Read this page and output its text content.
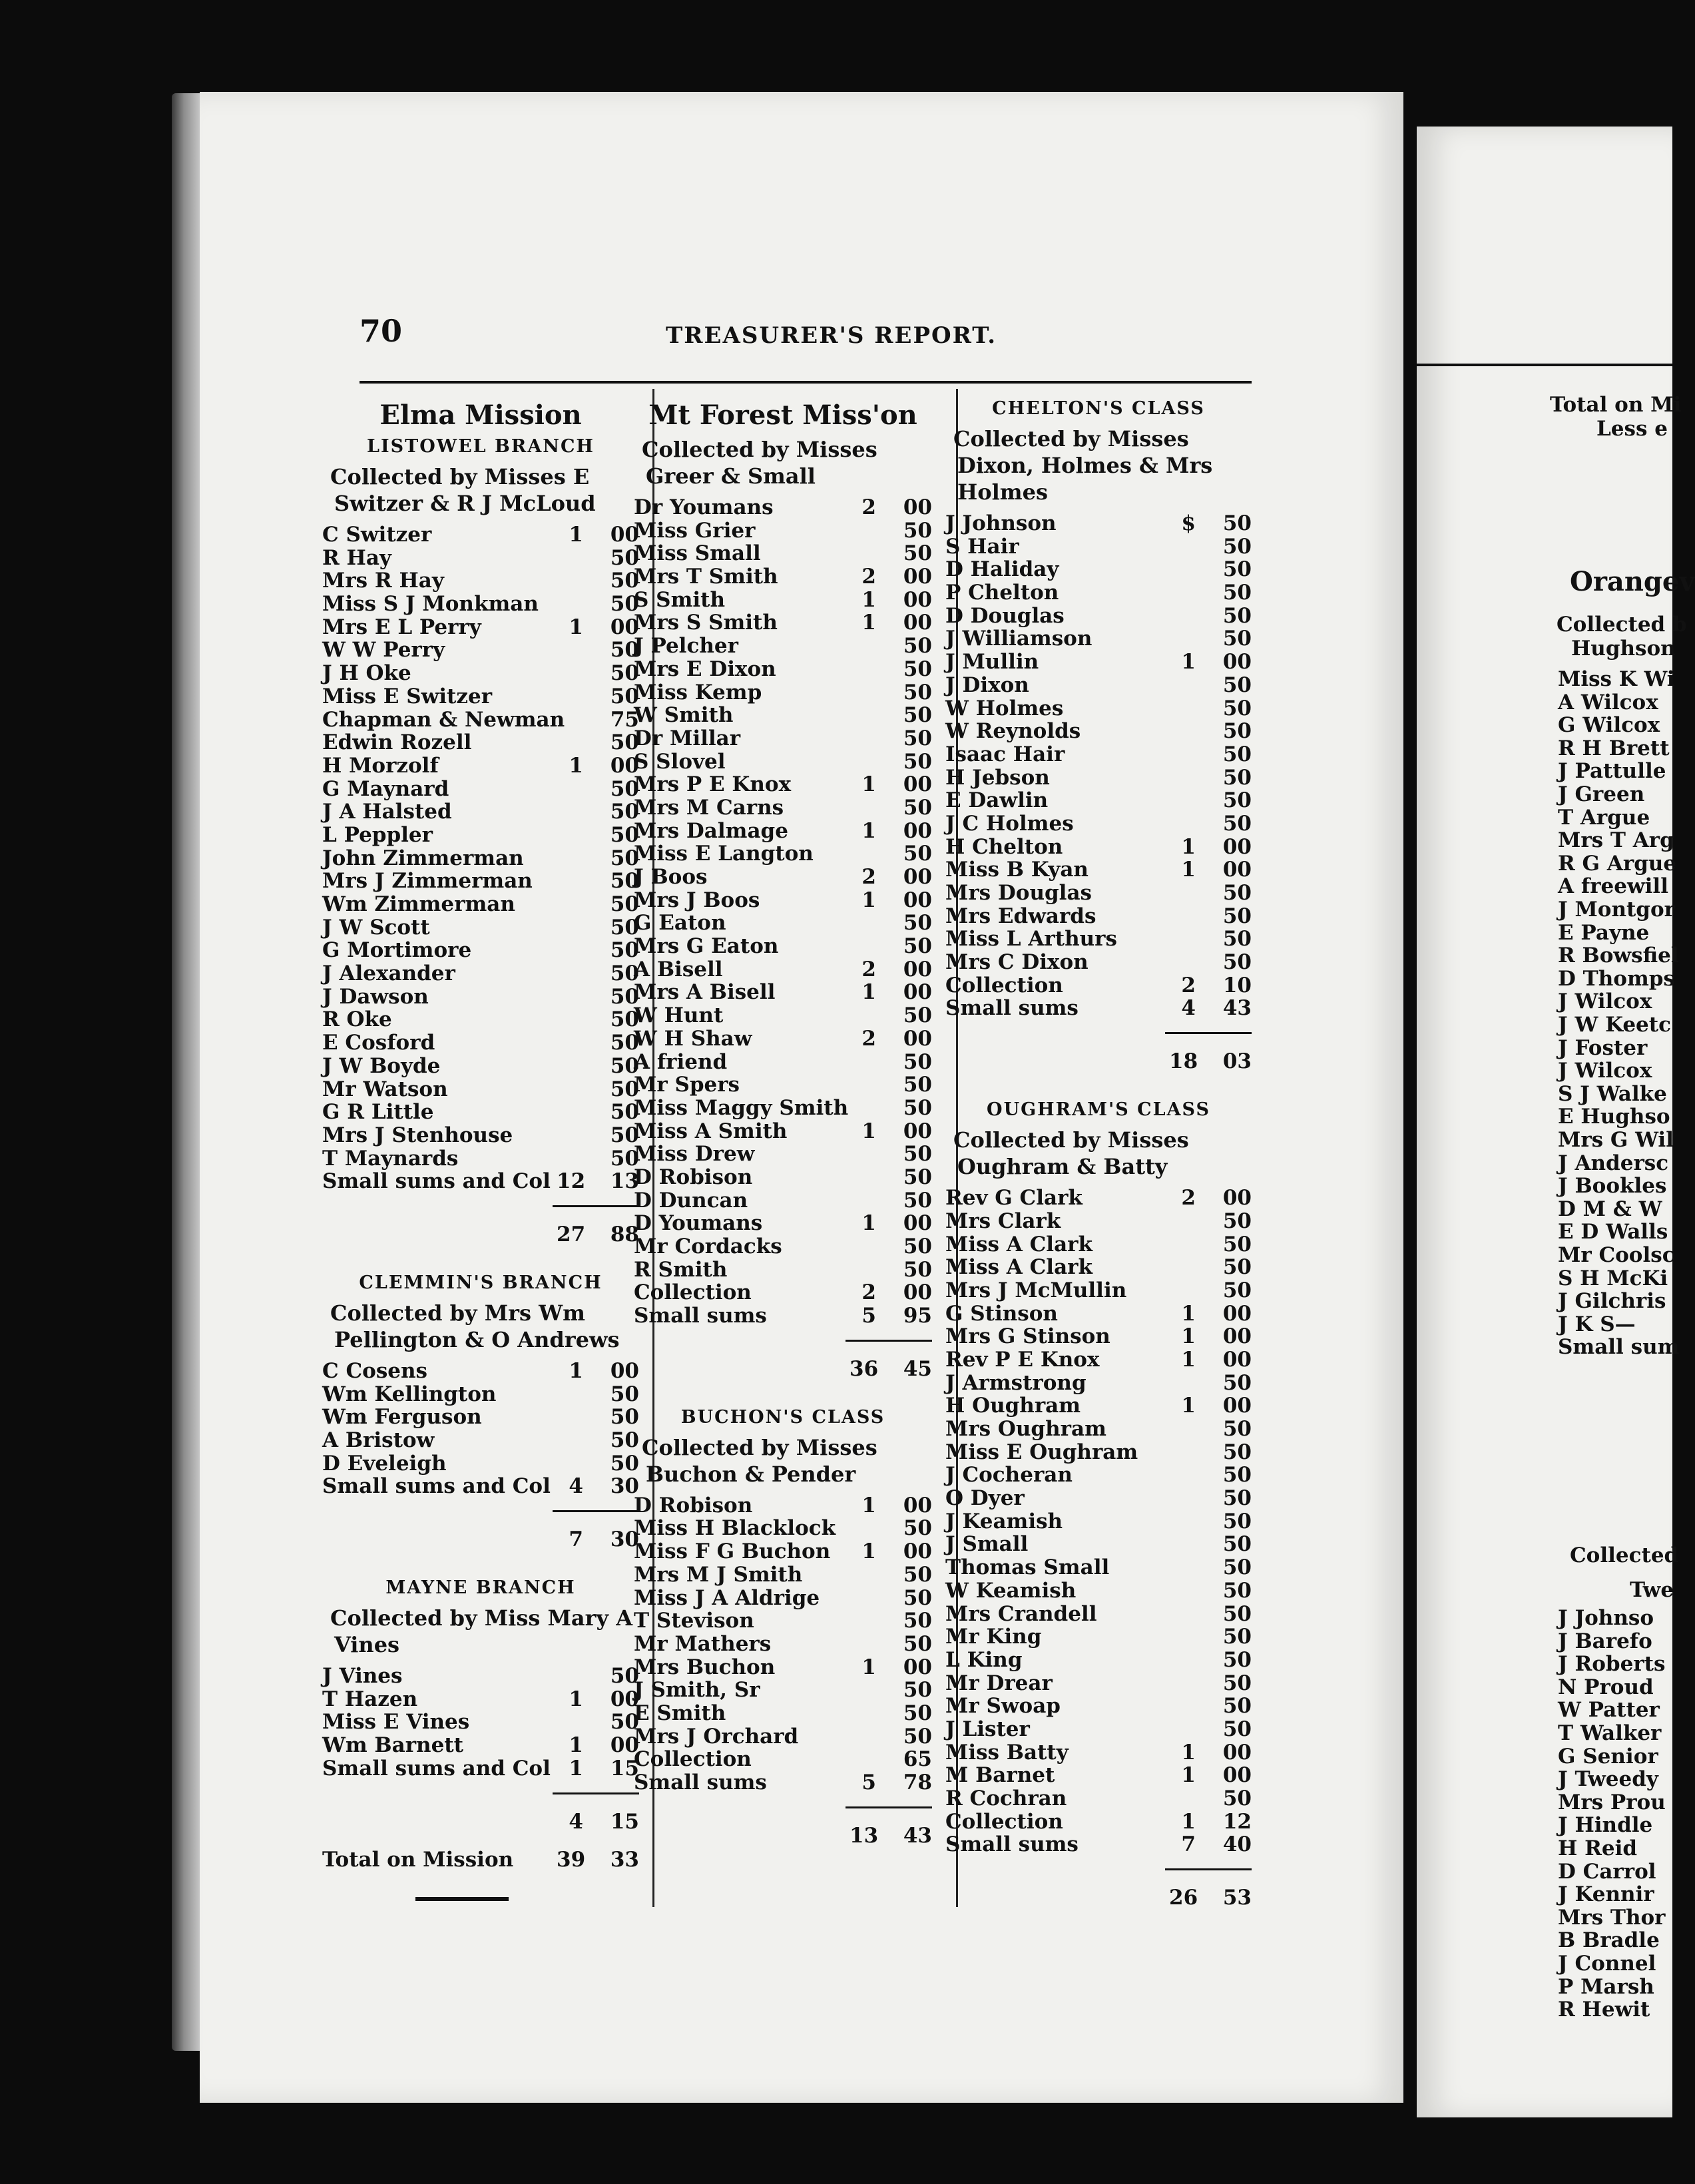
70	TREASURER'S REPORT.
Elma Mission
LISTOWEL BRANCH
Collected by Misses E Switzer & R J McLoud
C Switzer	1	00
R Hay	50
Mrs R Hay	50
Miss S J Monkman	50
Mrs E L Perry	1	00
W W Perry	50
J H Oke	50
Miss E Switzer	50
Chapman & Newman	75
Edwin Rozell	50
H Morzolf	1	00
G Maynard	50
J A Halsted	50
L Peppler	50
John Zimmerman	50
Mrs J Zimmerman	50
Wm Zimmerman	50
J W Scott	50
G Mortimore	50
J Alexander	50
J Dawson	50
R Oke	50
E Cosford	50
J W Boyde	50
Mr Watson	50
G R Little	50
Mrs J Stenhouse	50
T Maynards	50
Small sums and Col 12	13
27	88
CLEMMIN'S BRANCH
Collected by Mrs Wm Pellington & O Andrews
C Cosens	1	00
Wm Kellington	50
Wm Ferguson	50
A Bristow	50
D Eveleigh	50
Small sums and Col 4	30
7	30
MAYNE BRANCH
Collected by Miss Mary A Vines
J Vines	50
T Hazen	1	00
Miss E Vines	50
Wm Barnett	1	00
Small sums and Col 1	15
4	15
Total on Mission	39	33
Mt Forest Miss'on
Collected by Misses Greer & Small
Dr Youmans	2	00
Miss Grier	50
Miss Small	50
Mrs T Smith	2	00
S Smith	1	00
Mrs S Smith	1	00
J Pelcher	50
Mrs E Dixon	50
Miss Kemp	50
W Smith	50
Dr Millar	50
S Slovel	50
Mrs P E Knox	1	00
Mrs M Carns	50
Mrs Dalmage	1	00
Miss E Langton	50
J Boos	2	00
Mrs J Boos	1	00
G Eaton	50
Mrs G Eaton	50
A Bisell	2	00
Mrs A Bisell	1	00
W Hunt	50
W H Shaw	2	00
A friend	50
Mr Spers	50
Miss Maggy Smith	50
Miss A Smith	1	00
Miss Drew	50
D Robison	50
D Duncan	50
D Youmans	1	00
Mr Cordacks	50
R Smith	50
Collection	2	00
Small sums	5	95
36	45
BUCHON'S CLASS
Collected by Misses Buchon & Pender
D Robison	1	00
Miss H Blacklock	50
Miss F G Buchon	1	00
Mrs M J Smith	50
Miss J A Aldrige	50
T Stevison	50
Mr Mathers	50
Mrs Buchon	1	00
J Smith, Sr	50
E Smith	50
Mrs J Orchard	50
Collection	65
Small sums	5	78
13	43
CHELTON'S CLASS
Collected by Misses Dixon, Holmes & Mrs Holmes
J Johnson	$	50
S Hair	50
D Haliday	50
P Chelton	50
D Douglas	50
J Williamson	50
J Mullin	1	00
J Dixon	50
W Holmes	50
W Reynolds	50
Isaac Hair	50
H Jebson	50
E Dawlin	50
J C Holmes	50
H Chelton	1	00
Miss B Kyan	1	00
Mrs Douglas	50
Mrs Edwards	50
Miss L Arthurs	50
Mrs C Dixon	50
Collection	2	10
Small sums	4	43
18	03
OUGHRAM'S CLASS
Collected by Misses Oughram & Batty
Rev G Clark	2	00
Mrs Clark	50
Miss A Clark	50
Miss A Clark	50
Mrs J McMullin	50
G Stinson	1	00
Mrs G Stinson	1	00
Rev P E Knox	1	00
J Armstrong	50
H Oughram	1	00
Mrs Oughram	50
Miss E Oughram	50
J Cocheran	50
O Dyer	50
J Keamish	50
J Small	50
Thomas Small	50
W Keamish	50
Mrs Crandell	50
Mr King	50
L King	50
Mr Drear	50
Mr Swoap	50
J Lister	50
Miss Batty	1	00
M Barnet	1	00
R Cochran	50
Collection	1	12
Small sums	7	40
26	53
Total on Mi
Less e
Orangev
Collected b
Hughson
Miss K Wi
A Wilcox
G Wilcox
R H Brett
J Pattulle
J Green
T Argue
Mrs T Arg
R G Argue
A freewill
J Montgor
E Payne
R Bowsfiel
D Thomps
J Wilcox
J W Keetc
J Foster
J Wilcox
S J Walke
E Hughso
Mrs G Wil
J Andersc
J Bookles
D M & W
E D Walls
Mr Coolsc
S H McKi
J Gilchris
J K S—
Small sum
Collected
Twe
J Johnso
J Barefo
J Roberts
N Proud
W Patter
T Walker
G Senior
J Tweedy
Mrs Prou
J Hindle
H Reid
D Carrol
J Kennir
Mrs Thor
B Bradle
J Connel
P Marsh
R Hewit
